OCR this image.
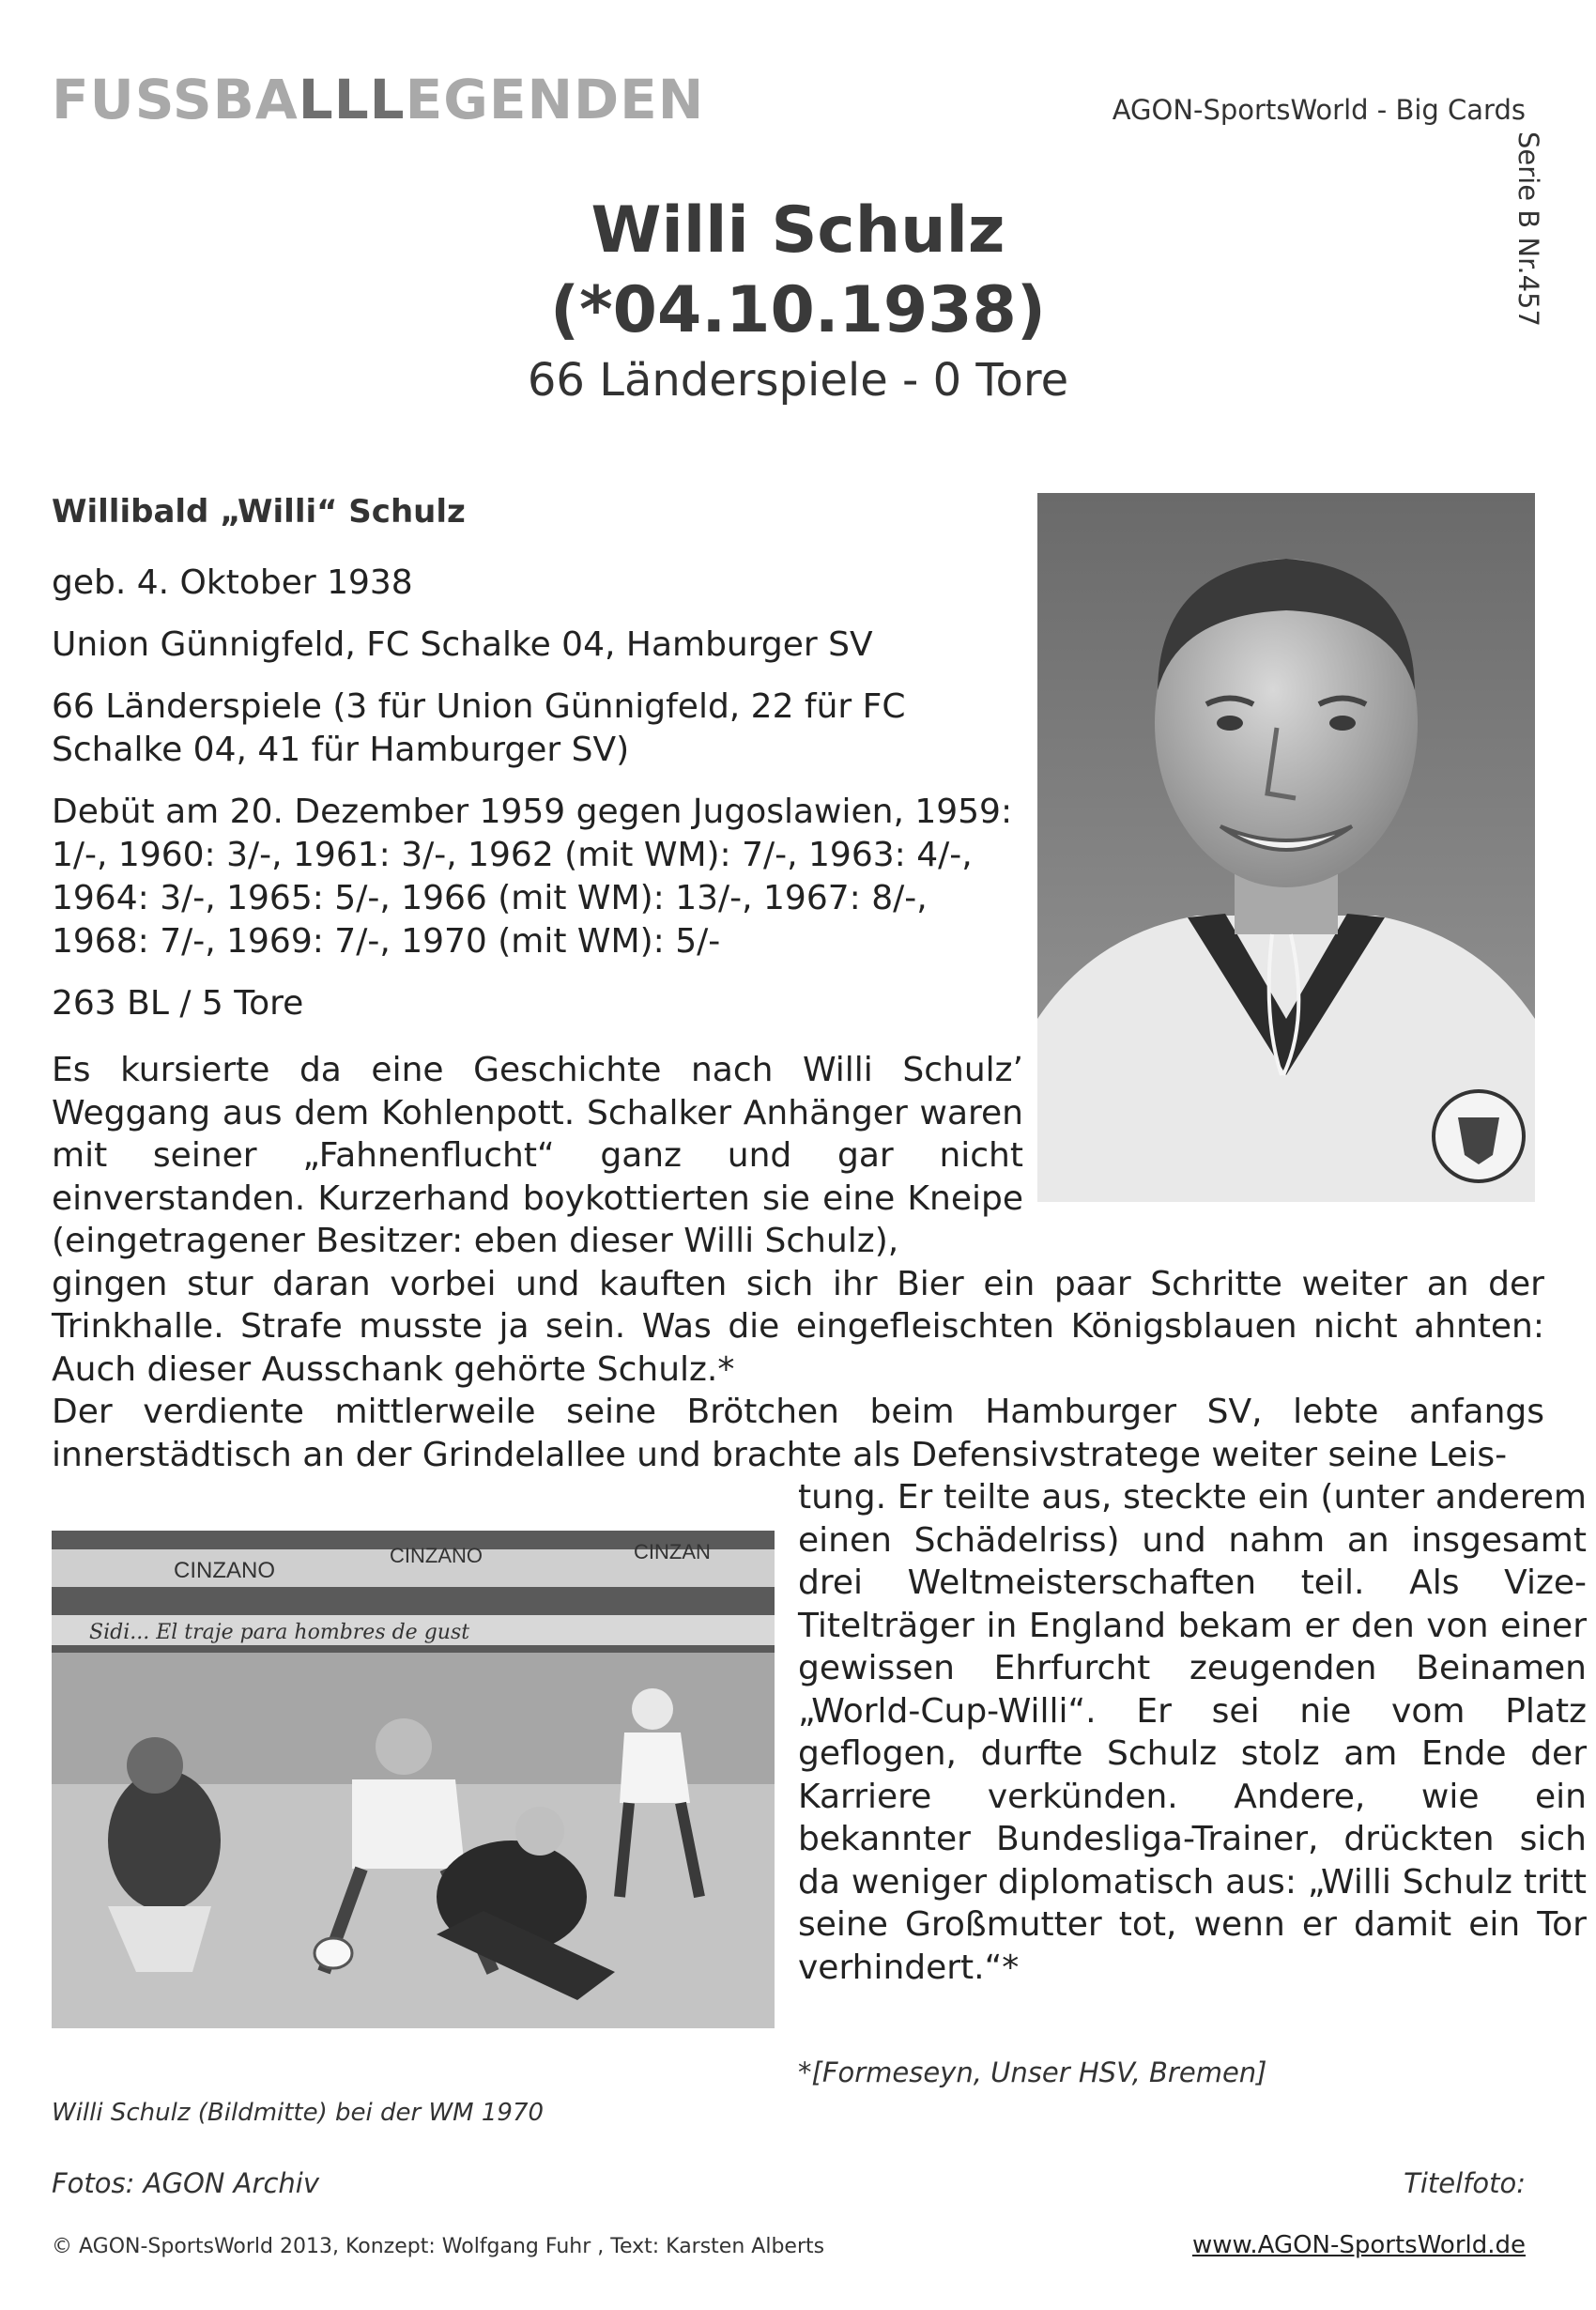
FUSSBALLLEGENDEN	AGON-SportsWorld - Big Cards
Serie B Nr.457
Willi Schulz
(*04.10.1938)
66 Länderspiele - 0 Tore
Willibald „Willi“ Schulz

geb. 4. Oktober 1938

Union Günnigfeld, FC Schalke 04, Hamburger SV

66 Länderspiele (3 für Union Günnigfeld, 22 für FC Schalke 04, 41 für Hamburger SV)

Debüt am 20. Dezember 1959 gegen Jugoslawien, 1959: 1/-, 1960: 3/-, 1961: 3/-, 1962 (mit WM): 7/-, 1963: 4/-, 1964: 3/-, 1965: 5/-, 1966 (mit WM): 13/-, 1967: 8/-, 1968: 7/-, 1969: 7/-, 1970 (mit WM): 5/-

263 BL / 5 Tore

Es kursierte da eine Geschichte nach Willi Schulz’ Weggang aus dem Kohlenpott. Schalker Anhänger waren mit seiner „Fahnenflucht“ ganz und gar nicht einverstanden. Kurzerhand boykottierten sie eine Kneipe (eingetragener Besitzer: eben dieser Willi Schulz),

gingen stur daran vorbei und kauften sich ihr Bier ein paar Schritte weiter an der Trinkhalle. Strafe musste ja sein. Was die eingefleischten Königsblauen nicht ahnten: Auch dieser Ausschank gehörte Schulz.*

Der verdiente mittlerweile seine Brötchen beim Hamburger SV, lebte anfangs innerstädtisch an der Grindelallee und brachte als Defensivstratege weiter seine Leis-

tung. Er teilte aus, steckte ein (unter anderem einen Schädelriss) und nahm an insgesamt drei Weltmeisterschaften teil. Als Vize-Titelträger in England bekam er den von einer gewissen Ehrfurcht zeugenden Beinamen „World-Cup-Willi“. Er sei nie vom Platz geflogen, durfte Schulz stolz am Ende der Karriere verkünden. Andere, wie ein bekannter Bundesliga-Trainer, drückten sich da weniger diplomatisch aus: „Willi Schulz tritt seine Großmutter tot, wenn er damit ein Tor verhindert.“*

CINZANO
CINZANO	CINZAN
Sidi... El traje para hombres de gust
Willi Schulz (Bildmitte) bei der WM 1970
*[Formeseyn, Unser HSV, Bremen]
Fotos: AGON Archiv	Titelfoto:
© AGON-SportsWorld 2013, Konzept: Wolfgang Fuhr , Text: Karsten Alberts	www.AGON-SportsWorld.de
